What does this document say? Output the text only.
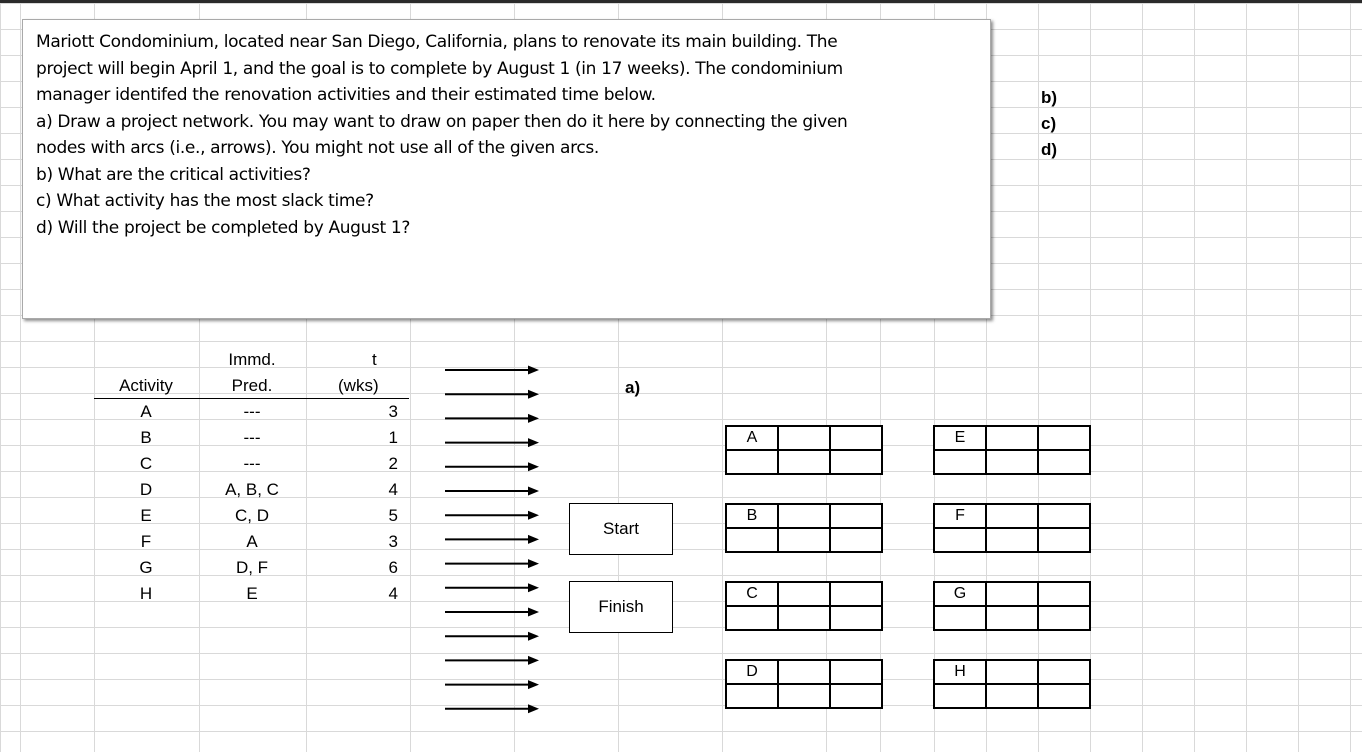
Mariott Condominium, located near San Diego, California, plans to renovate its main building. The

project will begin April 1, and the goal is to complete by August 1 (in 17 weeks). The condominium

manager identifed the renovation activities and their estimated time below.

a) Draw a project network. You may want to draw on paper then do it here by connecting the given

nodes with arcs (i.e., arrows). You might not use all of the given arcs.

b) What are the critical activities?

c) What activity has the most slack time?

d) Will the project be completed by August 1?

b)
c)
d)
Activity
Immd.
Pred.
t
(wks)
A	---	3
B	---	1
C	---	2
D	A, B, C	4
E	C, D	5
F	A	3
G	D, F	6
H	E	4
a)
Start
Finish
A		

B		

C		

D		

E		

F		

G		

H		
